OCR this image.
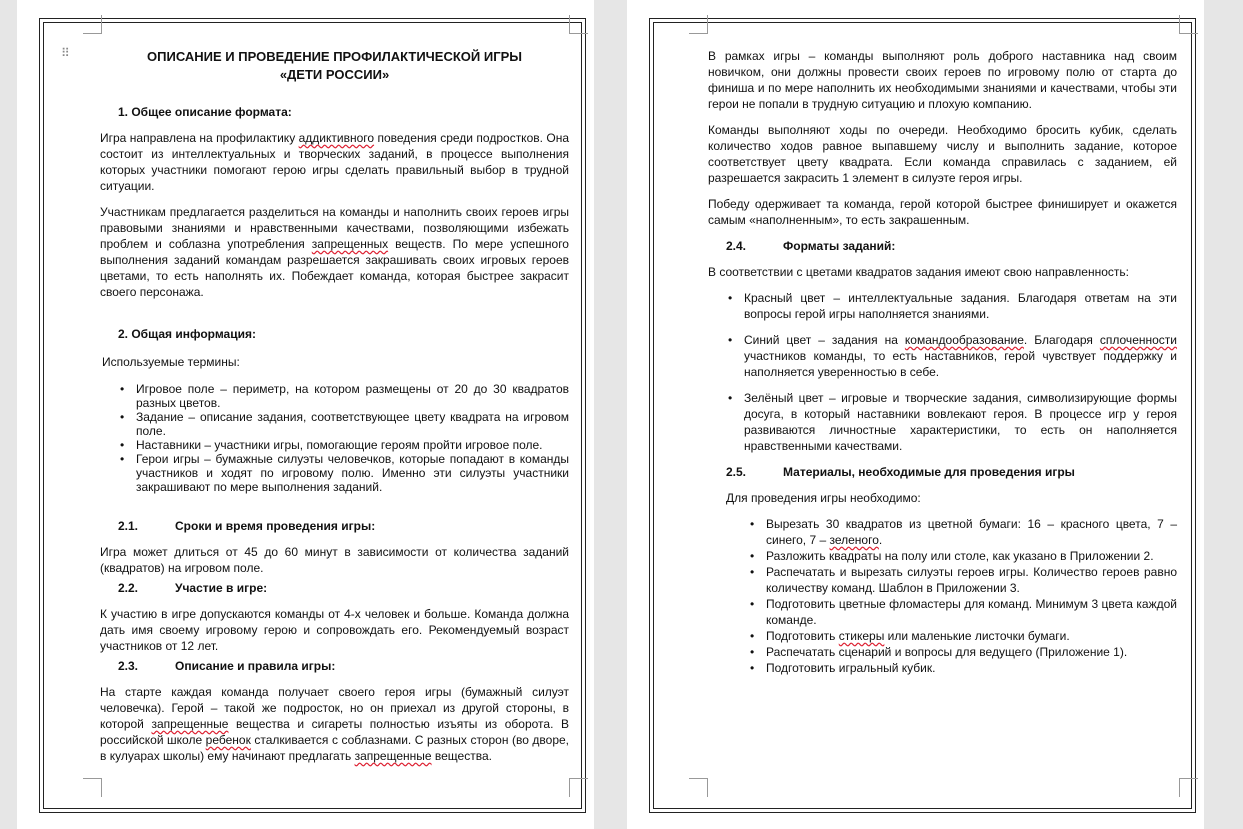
⠿	ОПИСАНИЕ И ПРОВЕДЕНИЕ ПРОФИЛАКТИЧЕСКОЙ ИГРЫ
«ДЕТИ РОССИИ»
1. Общее описание формата:

Игра направлена на профилактику аддиктивного поведения среди подростков. Она состоит из интеллектуальных и творческих заданий, в процессе выполнения которых участники помогают герою игры сделать правильный выбор в трудной ситуации.

Участникам предлагается разделиться на команды и наполнить своих героев игры правовыми знаниями и нравственными качествами, позволяющими избежать проблем и соблазна употребления запрещенных веществ. По мере успешного выполнения заданий командам разрешается закрашивать своих игровых героев цветами, то есть наполнять их. Побеждает команда, которая быстрее закрасит своего персонажа.

2. Общая информация:
Используемые термины:
• Игровое поле – периметр, на котором размещены от 20 до 30 квадратов разных цветов.
• Задание – описание задания, соответствующее цвету квадрата на игровом поле.
• Наставники – участники игры, помогающие героям пройти игровое поле.
• Герои игры – бумажные силуэты человечков, которые попадают в команды участников и ходят по игровому полю. Именно эти силуэты участники закрашивают по мере выполнения заданий.
2.1.	Сроки и время проведения игры:

Игра может длиться от 45 до 60 минут в зависимости от количества заданий (квадратов) на игровом поле.

2.2.	Участие в игре:

К участию в игре допускаются команды от 4-х человек и больше. Команда должна дать имя своему игровому герою и сопровождать его. Рекомендуемый возраст участников от 12 лет.

2.3.	Описание и правила игры:

На старте каждая команда получает своего героя игры (бумажный силуэт человечка). Герой – такой же подросток, но он приехал из другой стороны, в которой запрещенные вещества и сигареты полностью изъяты из оборота. В российской школе ребенок сталкивается с соблазнами. С разных сторон (во дворе, в кулуарах школы) ему начинают предлагать запрещенные вещества.

В рамках игры – команды выполняют роль доброго наставника над своим новичком, они должны провести своих героев по игровому полю от старта до финиша и по мере наполнить их необходимыми знаниями и качествами, чтобы эти герои не попали в трудную ситуацию и плохую компанию.

Команды выполняют ходы по очереди. Необходимо бросить кубик, сделать количество ходов равное выпавшему числу и выполнить задание, которое соответствует цвету квадрата. Если команда справилась с заданием, ей разрешается закрасить 1 элемент в силуэте героя игры.

Победу одерживает та команда, герой которой быстрее финиширует и окажется самым «наполненным», то есть закрашенным.

2.4.	Форматы заданий:
В соответствии с цветами квадратов задания имеют свою направленность:
• Красный цвет – интеллектуальные задания. Благодаря ответам на эти вопросы герой игры наполняется знаниями.
• Синий цвет – задания на командообразование. Благодаря сплоченности участников команды, то есть наставников, герой чувствует поддержку и наполняется уверенностью в себе.
• Зелёный цвет – игровые и творческие задания, символизирующие формы досуга, в который наставники вовлекают героя. В процессе игр у героя развиваются личностные характеристики, то есть он наполняется нравственными качествами.
2.5.	Материалы, необходимые для проведения игры
Для проведения игры необходимо:
• Вырезать 30 квадратов из цветной бумаги: 16 – красного цвета, 7 – синего, 7 – зеленого.
• Разложить квадраты на полу или столе, как указано в Приложении 2.
• Распечатать и вырезать силуэты героев игры. Количество героев равно количеству команд. Шаблон в Приложении 3.
• Подготовить цветные фломастеры для команд. Минимум 3 цвета каждой команде.
• Подготовить стикеры или маленькие листочки бумаги.
• Распечатать сценарий и вопросы для ведущего (Приложение 1).
• Подготовить игральный кубик.
